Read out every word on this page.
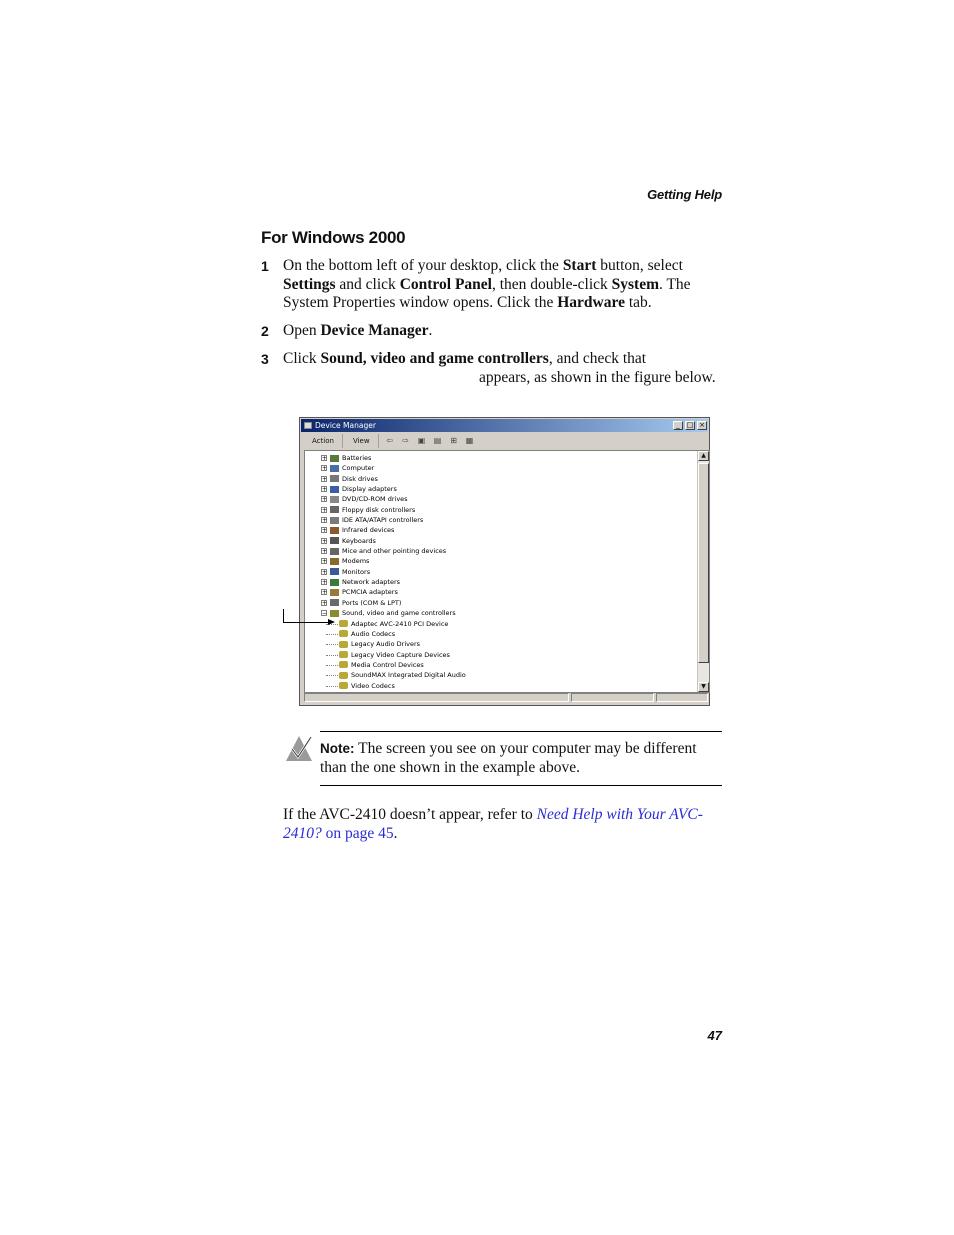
Getting Help
For Windows 2000
1 On the bottom left of your desktop, click the Start button, select Settings and click Control Panel, then double-click System. The System Properties window opens. Click the Hardware tab.
2 Open Device Manager.
3 Click Sound, video and game controllers, and check that
appears, as shown in the figure below.
Device Manager	_ □ ×
Action	View	⇦ ⇨ ▣ ▤ ⊞ ▦
+ Batteries
+ Computer
+ Disk drives
+ Display adapters
+ DVD/CD-ROM drives
+ Floppy disk controllers
+ IDE ATA/ATAPI controllers
+ Infrared devices
+ Keyboards
+ Mice and other pointing devices
+ Modems
+ Monitors
+ Network adapters
+ PCMCIA adapters
+ Ports (COM & LPT)
− Sound, video and game controllers
Adaptec AVC-2410 PCI Device
Audio Codecs
Legacy Audio Drivers
Legacy Video Capture Devices
Media Control Devices
SoundMAX Integrated Digital Audio
Video Codecs
▲
▼
Note: The screen you see on your computer may be different than the one shown in the example above.
If the AVC-2410 doesn’t appear, refer to Need Help with Your AVC-2410? on page 45.
47
